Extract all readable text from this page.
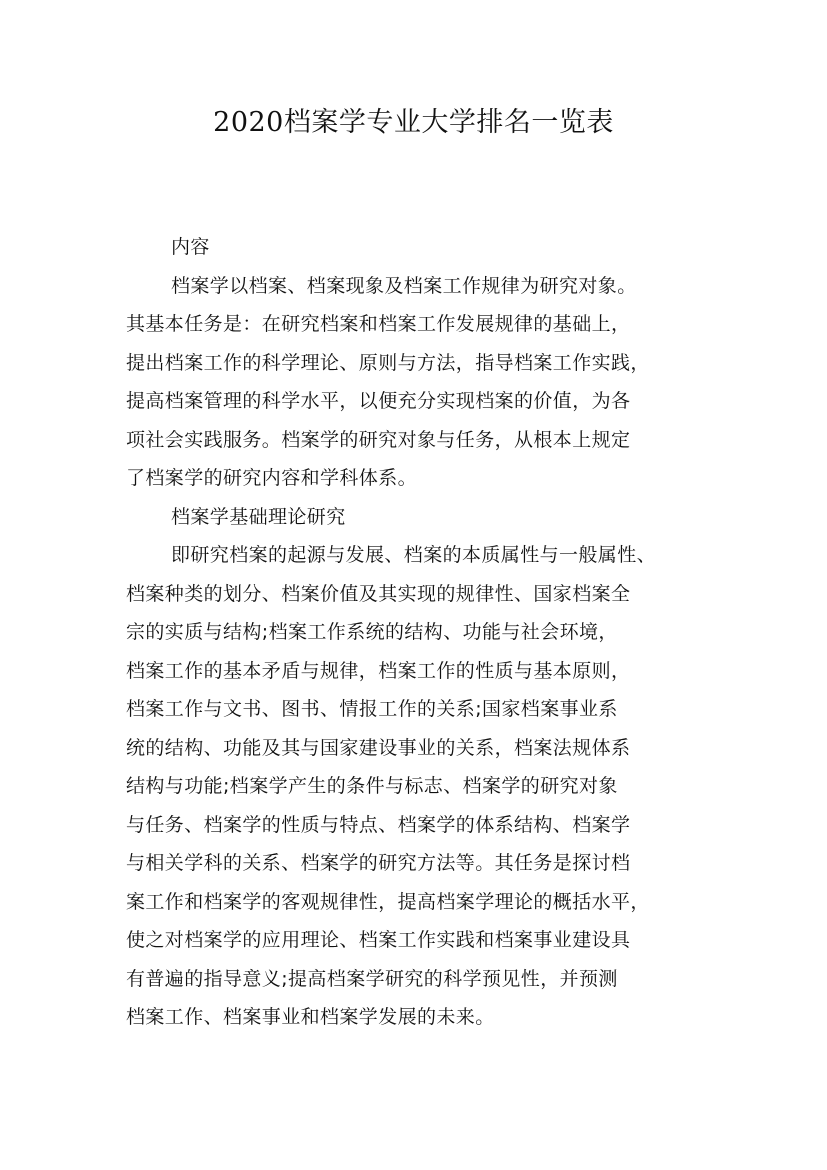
2020档案学专业大学排名一览表
内容
档案学以档案、档案现象及档案工作规律为研究对象。
其基本任务是：在研究档案和档案工作发展规律的基础上，
提出档案工作的科学理论、原则与方法，指导档案工作实践，
提高档案管理的科学水平，以便充分实现档案的价值，为各
项社会实践服务。档案学的研究对象与任务，从根本上规定
了档案学的研究内容和学科体系。
档案学基础理论研究
即研究档案的起源与发展、档案的本质属性与一般属性、
档案种类的划分、档案价值及其实现的规律性、国家档案全
宗的实质与结构;档案工作系统的结构、功能与社会环境，
档案工作的基本矛盾与规律，档案工作的性质与基本原则，
档案工作与文书、图书、情报工作的关系;国家档案事业系
统的结构、功能及其与国家建设事业的关系，档案法规体系
结构与功能;档案学产生的条件与标志、档案学的研究对象
与任务、档案学的性质与特点、档案学的体系结构、档案学
与相关学科的关系、档案学的研究方法等。其任务是探讨档
案工作和档案学的客观规律性，提高档案学理论的概括水平，
使之对档案学的应用理论、档案工作实践和档案事业建设具
有普遍的指导意义;提高档案学研究的科学预见性，并预测
档案工作、档案事业和档案学发展的未来。
